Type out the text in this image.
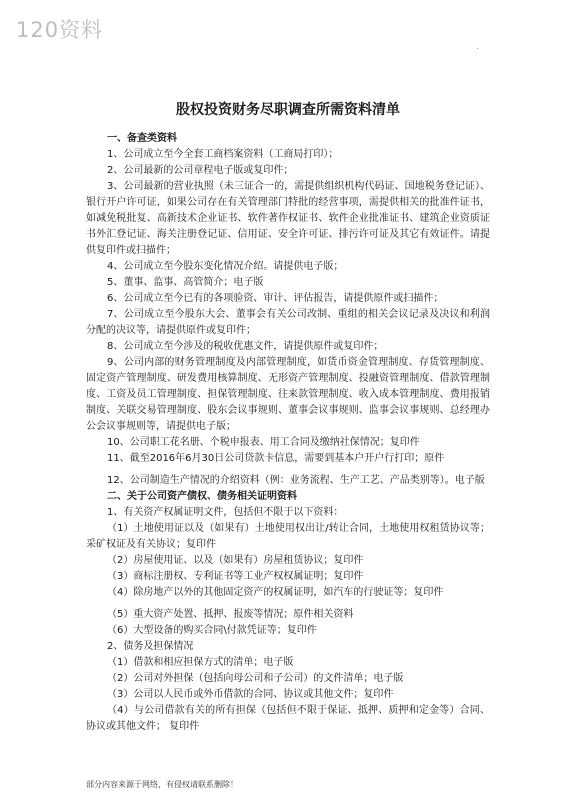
120资料
.
股权投资财务尽职调查所需资料清单

一、备查类资料

1、公司成立至今全套工商档案资料（工商局打印）；

2、公司最新的公司章程电子版或复印件；

3、公司最新的营业执照（未三证合一的，需提供组织机构代码证、国地税务登记证）、银行开户许可证，如果公司存在有关管理部门特批的经营事项，需提供相关的批准件证书，如减免税批复、高新技术企业证书、软件著作权证书、软件企业批准证书、建筑企业资质证书外汇登记证、海关注册登记证、信用证、安全许可证、排污许可证及其它有效证件。请提供复印件或扫描件；

4、公司成立至今股东变化情况介绍。请提供电子版；

5、董事、监事、高管简介；电子版

6、公司成立至今已有的各项验资、审计、评估报告，请提供原件或扫描件；

7、公司成立至今股东大会、董事会有关公司改制、重组的相关会议记录及决议和利润分配的决议等，请提供原件或复印件；

8、公司成立至今涉及的税收优惠文件，请提供原件或复印件；

9、公司内部的财务管理制度及内部管理制度，如货币资金管理制度、存货管理制度、固定资产管理制度、研发费用核算制度、无形资产管理制度、投融资管理制度、借款管理制度、工资及员工管理制度、担保管理制度、往来款管理制度、收入成本管理制度、费用报销制度、关联交易管理制度、股东会议事规则、董事会议事规则、监事会议事规则、总经理办公会议事规则等，请提供电子版；

10、公司职工花名册、个税申报表、用工合同及缴纳社保情况；复印件

11、截至2016年6月30日公司贷款卡信息，需要到基本户开户行打印；原件

12、公司制造生产情况的介绍资料（例：业务流程、生产工艺、产品类别等）。电子版

二、关于公司资产债权、债务相关证明资料

1、有关资产权属证明文件，包括但不限于以下资料：

（1）土地使用证以及（如果有）土地使用权出让/转让合同，土地使用权租赁协议等；采矿权证及有关协议；复印件

（2）房屋使用证、以及（如果有）房屋租赁协议；复印件

（3）商标注册权、专利证书等工业产权权属证明；复印件

（4）除房地产以外的其他固定资产的权属证明，如汽车的行驶证等；复印件

（5）重大资产处置、抵押、报废等情况；原件相关资料

（6）大型设备的购买合同\付款凭证等；复印件

2、债务及担保情况

（1）借款和相应担保方式的清单；电子版

（2）公司对外担保（包括向母公司和子公司）的文件清单；电子版

（3）公司以人民币或外币借款的合同、协议或其他文件；复印件

（4）与公司借款有关的所有担保（包括但不限于保证、抵押、质押和定金等）合同、协议或其他文件； 复印件

部分内容来源于网络，有侵权请联系删除！
